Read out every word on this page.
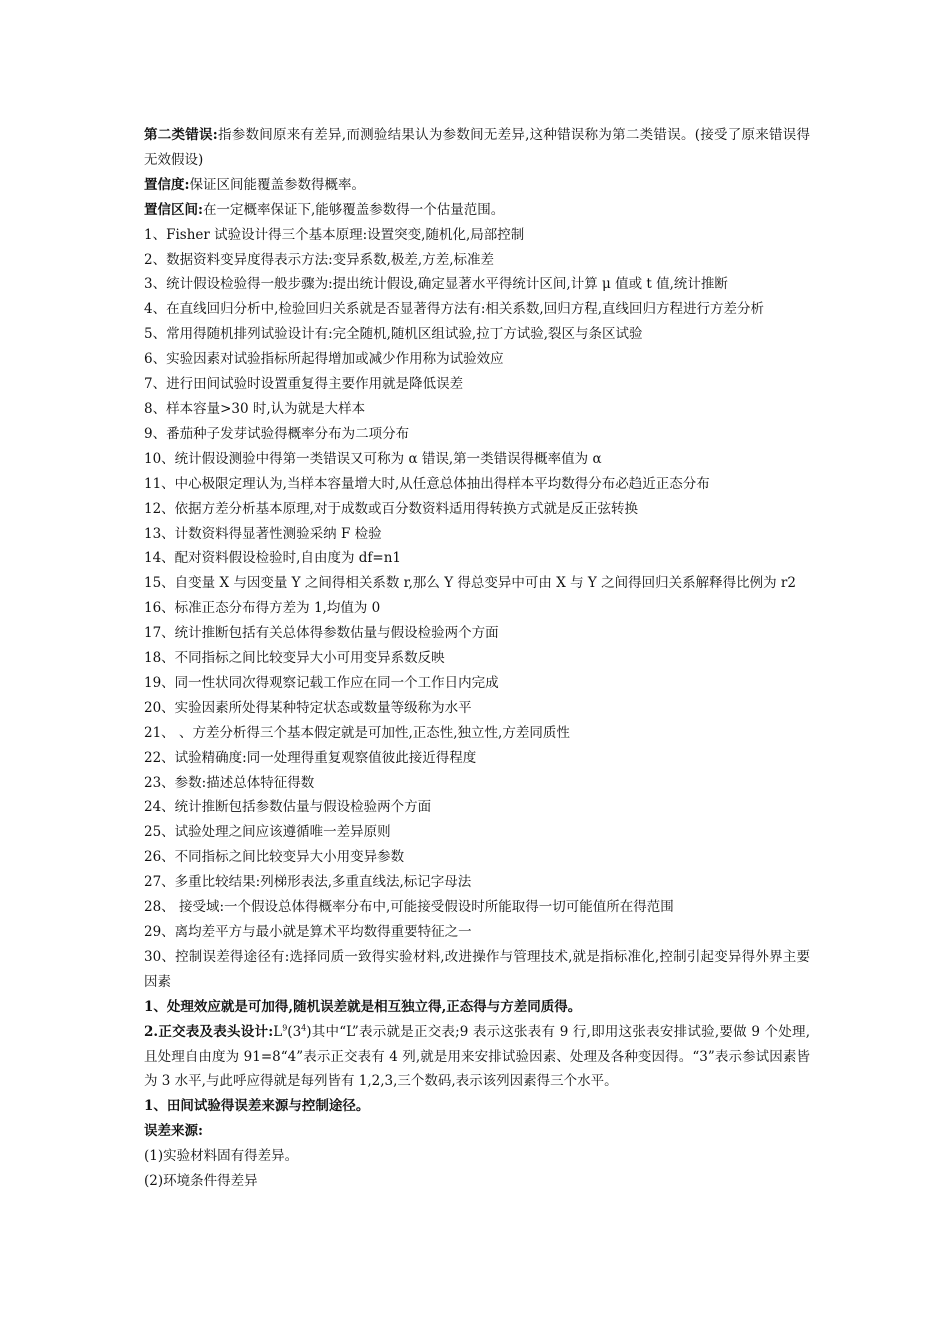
第二类错误:指参数间原来有差异,而测验结果认为参数间无差异,这种错误称为第二类错误。(接受了原来错误得无效假设)
置信度:保证区间能覆盖参数得概率。
置信区间:在一定概率保证下,能够覆盖参数得一个估量范围。
1、Fisher 试验设计得三个基本原理:设置突变,随机化,局部控制
2、数据资料变异度得表示方法:变异系数,极差,方差,标准差
3、统计假设检验得一般步骤为:提出统计假设,确定显著水平得统计区间,计算 μ 值或 t 值,统计推断
4、在直线回归分析中,检验回归关系就是否显著得方法有:相关系数,回归方程,直线回归方程进行方差分析
5、常用得随机排列试验设计有:完全随机,随机区组试验,拉丁方试验,裂区与条区试验
6、实验因素对试验指标所起得增加或减少作用称为试验效应
7、进行田间试验时设置重复得主要作用就是降低误差
8、样本容量>30 时,认为就是大样本
9、番茄种子发芽试验得概率分布为二项分布
10、统计假设测验中得第一类错误又可称为 α 错误,第一类错误得概率值为 α
11、中心极限定理认为,当样本容量增大时,从任意总体抽出得样本平均数得分布必趋近正态分布
12、依据方差分析基本原理,对于成数或百分数资料适用得转换方式就是反正弦转换
13、计数资料得显著性测验采纳 F 检验
14、配对资料假设检验时,自由度为 df=n1
15、自变量 X 与因变量 Y 之间得相关系数 r,那么 Y 得总变异中可由 X 与 Y 之间得回归关系解释得比例为 r2
16、标准正态分布得方差为 1,均值为 0
17、统计推断包括有关总体得参数估量与假设检验两个方面
18、不同指标之间比较变异大小可用变异系数反映
19、同一性状同次得观察记载工作应在同一个工作日内完成
20、实验因素所处得某种特定状态或数量等级称为水平
21、 、方差分析得三个基本假定就是可加性,正态性,独立性,方差同质性
22、试验精确度:同一处理得重复观察值彼此接近得程度
23、参数:描述总体特征得数
24、统计推断包括参数估量与假设检验两个方面
25、试验处理之间应该遵循唯一差异原则
26、不同指标之间比较变异大小用变异参数
27、多重比较结果:列梯形表法,多重直线法,标记字母法
28、 接受域:一个假设总体得概率分布中,可能接受假设时所能取得一切可能值所在得范围
29、离均差平方与最小就是算术平均数得重要特征之一
30、控制误差得途径有:选择同质一致得实验材料,改进操作与管理技术,就是指标准化,控制引起变异得外界主要因素
1、处理效应就是可加得,随机误差就是相互独立得,正态得与方差同质得。
2.正交表及表头设计$:L^9(3^4)$其中“L”表示就是正交表;9 表示这张表有 9 行,即用这张表安排试验,要做 9 个处理,且处理自由度为 91=8“4”表示正交表有 4 列,就是用来安排试验因素、处理及各种变因得。“3”表示参试因素皆为 3 水平,与此呼应得就是每列皆有 1,2,3,三个数码,表示该列因素得三个水平。
1、田间试验得误差来源与控制途径。
误差来源:
(1)实验材料固有得差异。
(2)环境条件得差异
